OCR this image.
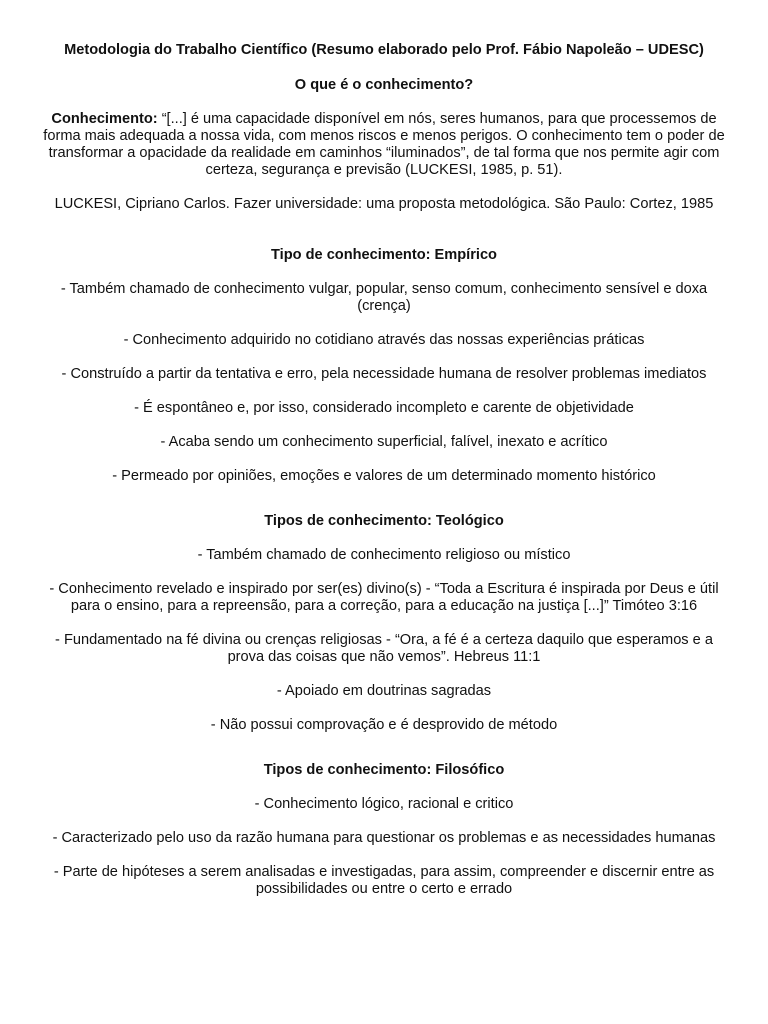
Metodologia do Trabalho Científico (Resumo elaborado pelo Prof. Fábio Napoleão – UDESC)
O que é o conhecimento?
Conhecimento: “[...] é uma capacidade disponível em nós, seres humanos, para que processemos de forma mais adequada a nossa vida, com menos riscos e menos perigos. O conhecimento tem o poder de transformar a opacidade da realidade em caminhos “iluminados”, de tal forma que nos permite agir com certeza, segurança e previsão (LUCKESI, 1985, p. 51).
LUCKESI, Cipriano Carlos. Fazer universidade: uma proposta metodológica. São Paulo: Cortez, 1985
Tipo de conhecimento: Empírico
- Também chamado de conhecimento vulgar, popular, senso comum, conhecimento sensível e doxa (crença)
- Conhecimento adquirido no cotidiano através das nossas experiências práticas
- Construído a partir da tentativa e erro, pela necessidade humana de resolver problemas imediatos
- É espontâneo e, por isso, considerado incompleto e carente de objetividade
- Acaba sendo um conhecimento superficial, falível, inexato e acrítico
- Permeado por opiniões, emoções e valores de um determinado momento histórico
Tipos de conhecimento: Teológico
- Também chamado de conhecimento religioso ou místico
- Conhecimento revelado e inspirado por ser(es) divino(s) - “Toda a Escritura é inspirada por Deus e útil para o ensino, para a repreensão, para a correção, para a educação na justiça [...]” Timóteo 3:16
- Fundamentado na fé divina ou crenças religiosas - “Ora, a fé é a certeza daquilo que esperamos e a prova das coisas que não vemos”. Hebreus 11:1
- Apoiado em doutrinas sagradas
- Não possui comprovação e é desprovido de método
Tipos de conhecimento: Filosófico
- Conhecimento lógico, racional e critico
- Caracterizado pelo uso da razão humana para questionar os problemas e as necessidades humanas
- Parte de hipóteses a serem analisadas e investigadas, para assim, compreender e discernir entre as possibilidades ou entre o certo e errado
